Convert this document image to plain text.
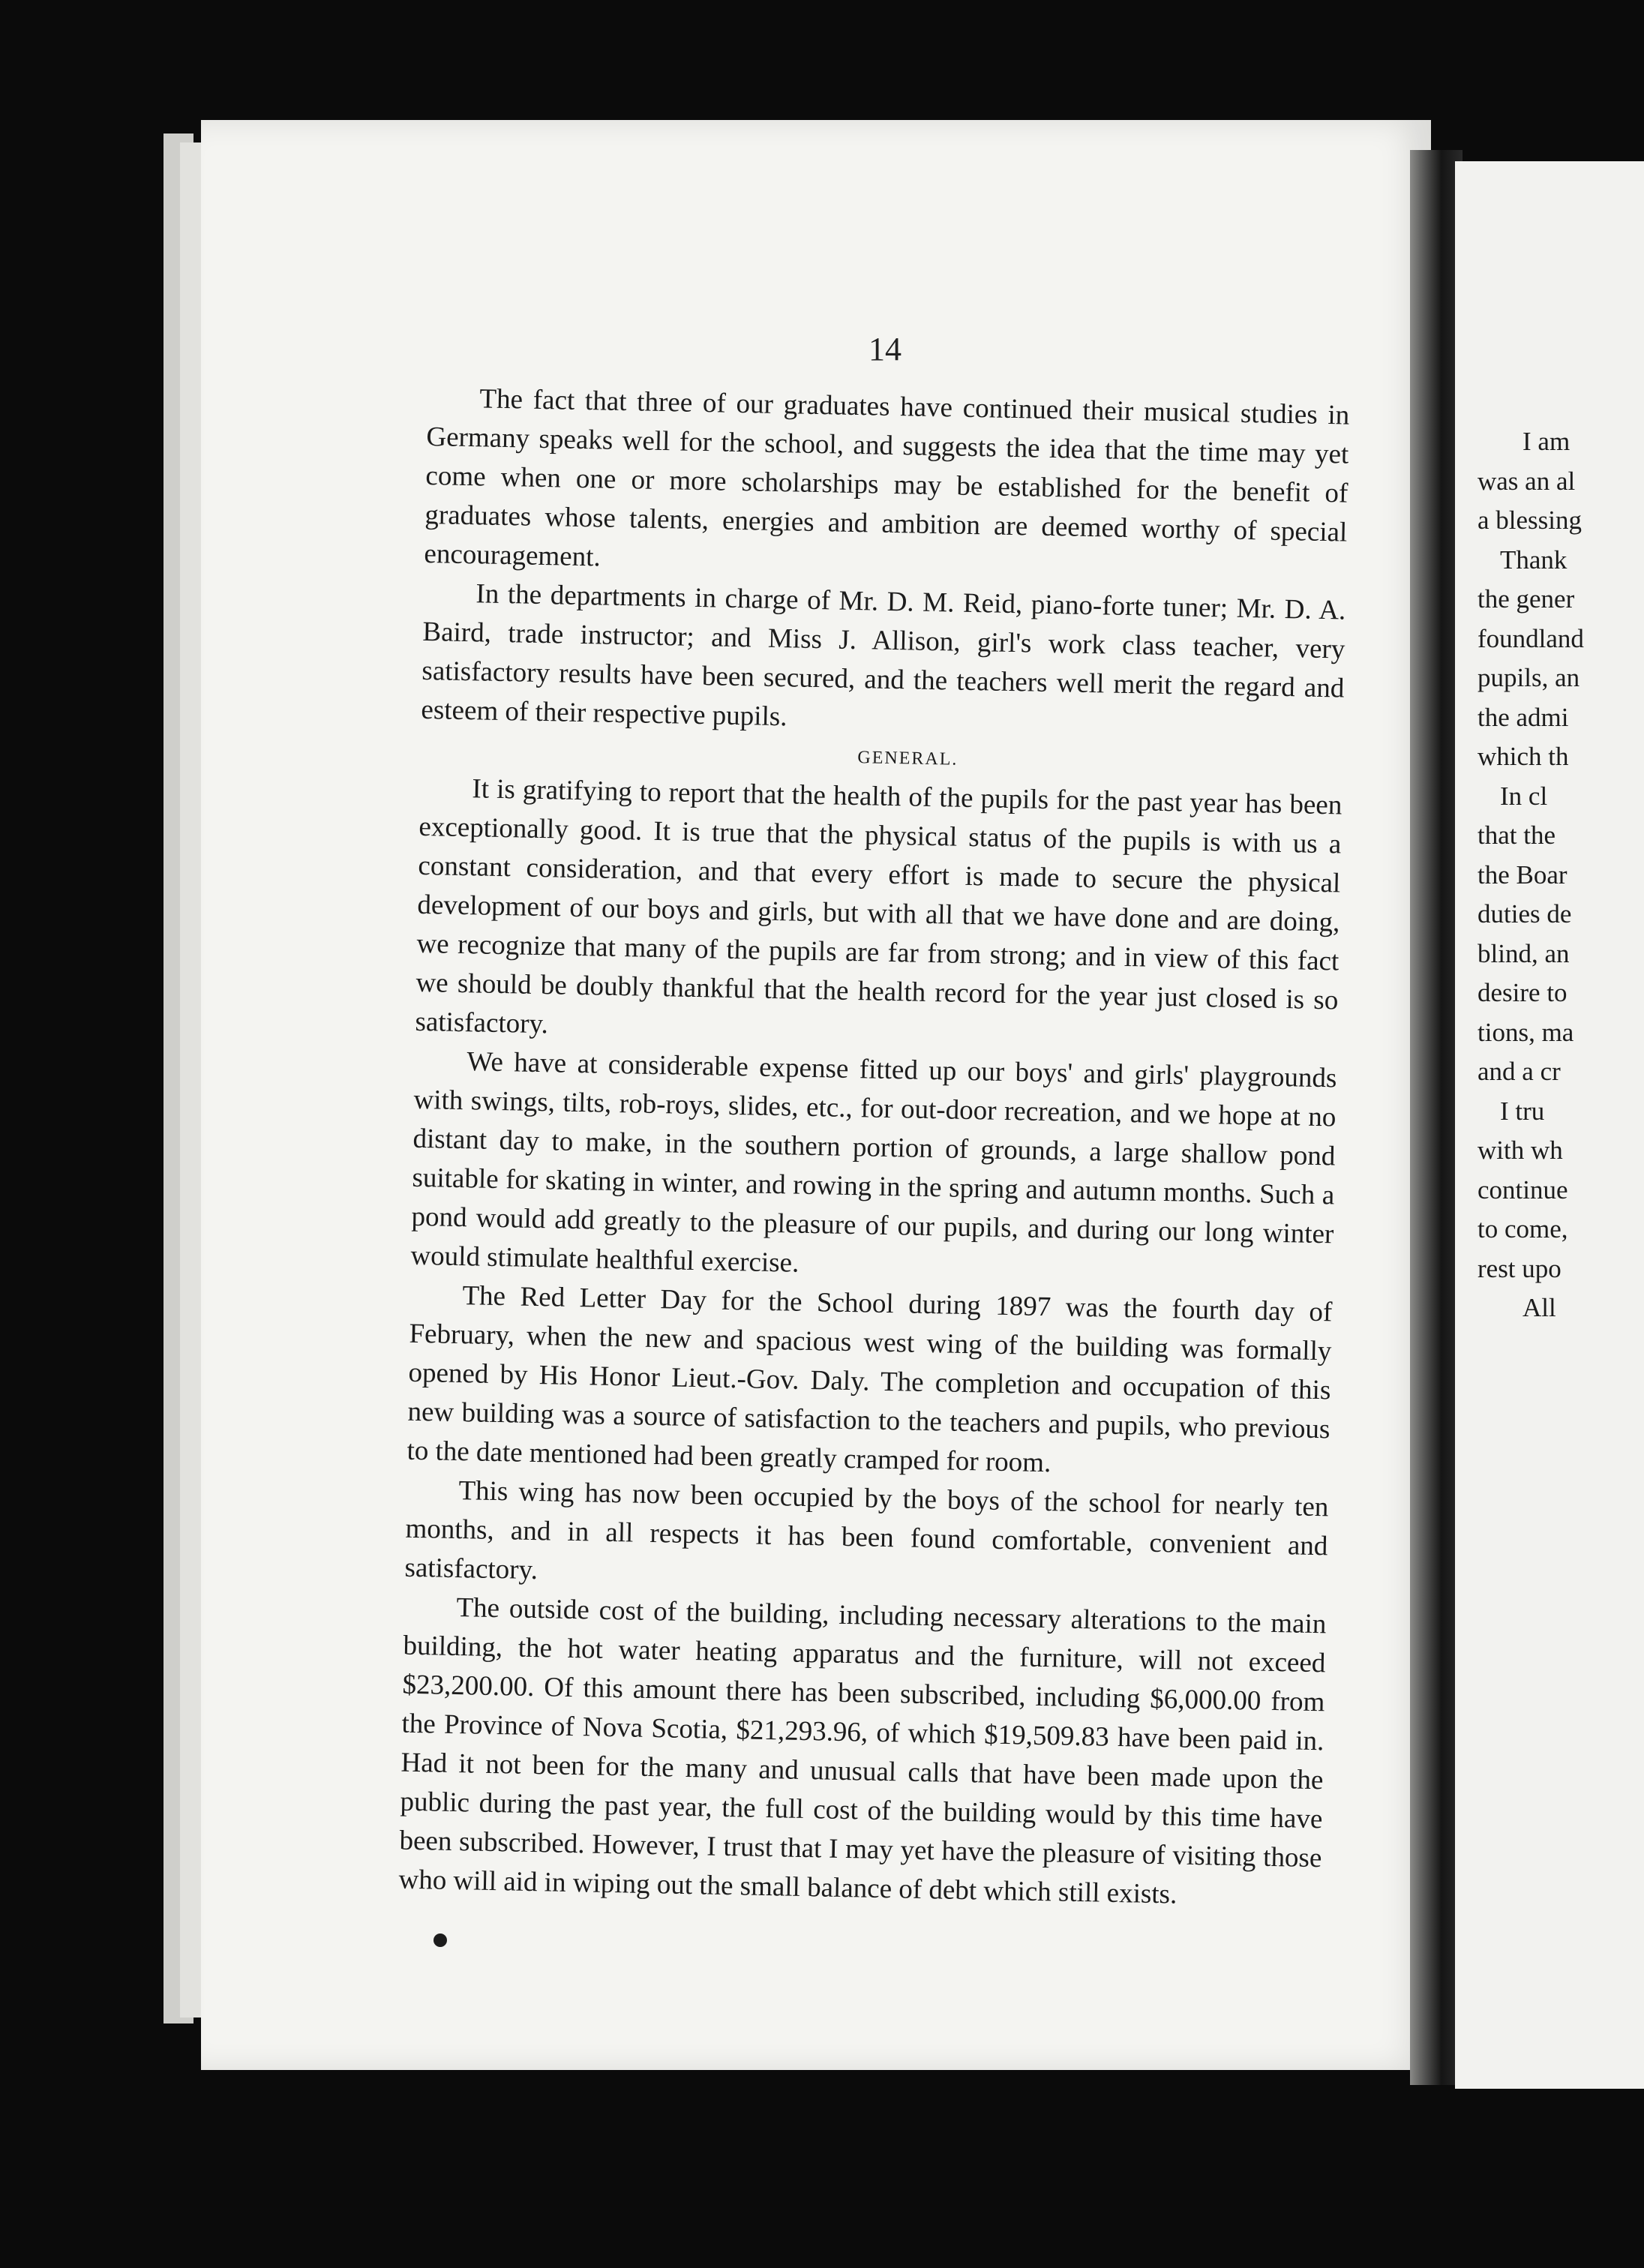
I am
was an al
a blessing
Thank
the gener
foundland
pupils, an
the admi
which th
In cl
that the
the Boar
duties de
blind, an
desire to
tions, ma
and a cr
I tru
with wh
continue
to come,
rest upo
All
14

The fact that three of our graduates have continued their musical studies in Germany speaks well for the school, and suggests the idea that the time may yet come when one or more scholarships may be established for the benefit of graduates whose talents, energies and ambition are deemed worthy of special encouragement.

In the departments in charge of Mr. D. M. Reid, piano-forte tuner; Mr. D. A. Baird, trade instructor; and Miss J. Allison, girl's work class teacher, very satisfactory results have been secured, and the teachers well merit the regard and esteem of their respective pupils.

GENERAL.

It is gratifying to report that the health of the pupils for the past year has been exceptionally good. It is true that the physical status of the pupils is with us a constant consideration, and that every effort is made to secure the physical development of our boys and girls, but with all that we have done and are doing, we recognize that many of the pupils are far from strong; and in view of this fact we should be doubly thankful that the health record for the year just closed is so satisfactory.

We have at considerable expense fitted up our boys' and girls' playgrounds with swings, tilts, rob-roys, slides, etc., for out-door recreation, and we hope at no distant day to make, in the southern portion of grounds, a large shallow pond suitable for skating in winter, and rowing in the spring and autumn months. Such a pond would add greatly to the pleasure of our pupils, and during our long winter would stimulate healthful exercise.

The Red Letter Day for the School during 1897 was the fourth day of February, when the new and spacious west wing of the building was formally opened by His Honor Lieut.-Gov. Daly. The completion and occupation of this new building was a source of satisfaction to the teachers and pupils, who previous to the date mentioned had been greatly cramped for room.

This wing has now been occupied by the boys of the school for nearly ten months, and in all respects it has been found comfortable, convenient and satisfactory.

The outside cost of the building, including necessary alterations to the main building, the hot water heating apparatus and the furniture, will not exceed $23,200.00. Of this amount there has been subscribed, including $6,000.00 from the Province of Nova Scotia, $21,293.96, of which $19,509.83 have been paid in. Had it not been for the many and unusual calls that have been made upon the public during the past year, the full cost of the building would by this time have been subscribed. However, I trust that I may yet have the pleasure of visiting those who will aid in wiping out the small balance of debt which still exists.
